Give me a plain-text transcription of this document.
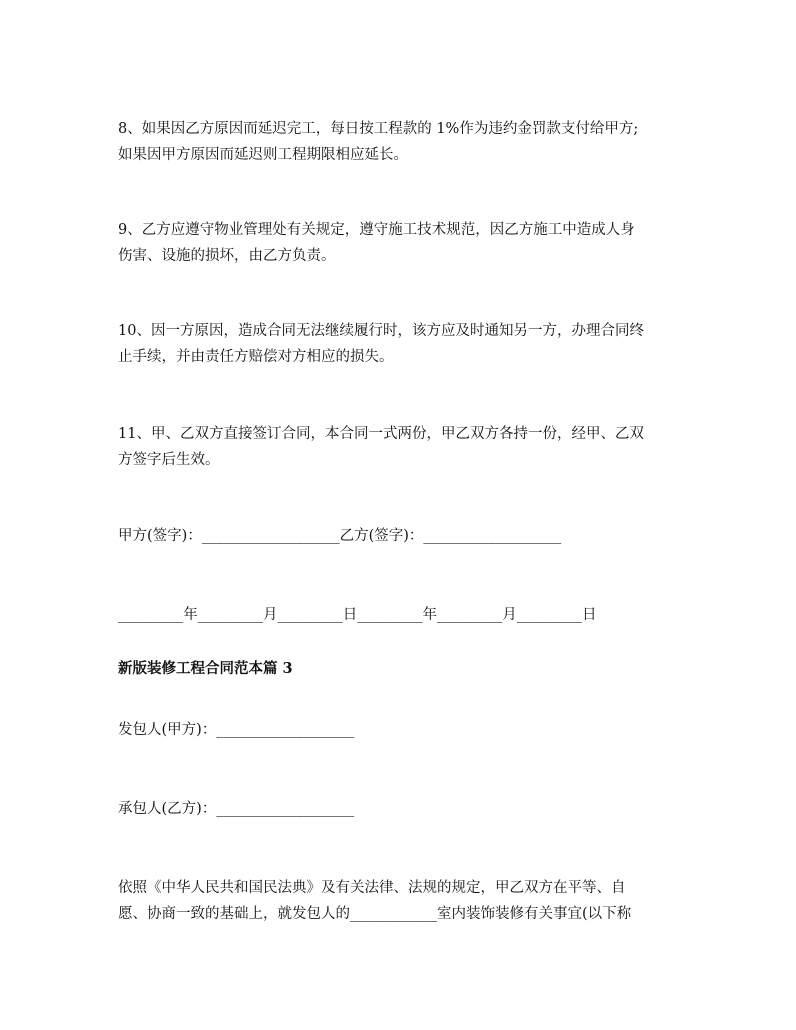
8、如果因乙方原因而延迟完工，每日按工程款的 1%作为违约金罚款支付给甲方;
如果因甲方原因而延迟则工程期限相应延长。
9、乙方应遵守物业管理处有关规定，遵守施工技术规范，因乙方施工中造成人身
伤害、设施的损坏，由乙方负责。
10、因一方原因，造成合同无法继续履行时，该方应及时通知另一方，办理合同终
止手续，并由责任方赔偿对方相应的损失。
11、甲、乙双方直接签订合同，本合同一式两份，甲乙双方各持一份，经甲、乙双
方签字后生效。
甲方(签字)：___________________乙方(签字)：___________________
_________年_________月_________日_________年_________月_________日
新版装修工程合同范本篇 3
发包人(甲方)：___________________
承包人(乙方)：___________________
依照《中华人民共和国民法典》及有关法律、法规的规定，甲乙双方在平等、自
愿、协商一致的基础上，就发包人的____________室内装饰装修有关事宜(以下称
